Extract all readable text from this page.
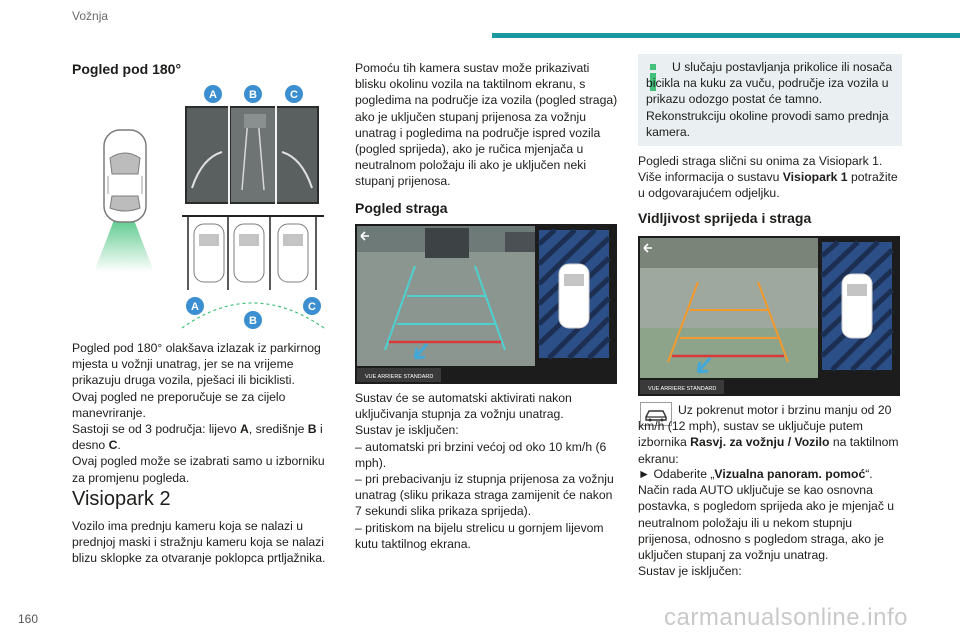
Vožnja
160	carmanualsonline.info
Pogled pod 180°
A	B	C
A
B
C

Pogled pod 180° olakšava izlazak iz parkirnog mjesta u vožnji unatrag, jer se na vrijeme prikazuju druga vozila, pješaci ili biciklisti.

Ovaj pogled ne preporučuje se za cijelo manevriranje.

Sastoji se od 3 područja: lijevo A, središnje B i desno C.

Ovaj pogled može se izabrati samo u izborniku za promjenu pogleda.

Visiopark 2

Vozilo ima prednju kameru koja se nalazi u prednjoj maski i stražnju kameru koja se nalazi blizu sklopke za otvaranje poklopca prtljažnika.

Pomoću tih kamera sustav može prikazivati blisku okolinu vozila na taktilnom ekranu, s pogledima na područje iza vozila (pogled straga) ako je uključen stupanj prijenosa za vožnju unatrag i pogledima na područje ispred vozila (pogled sprijeda), ako je ručica mjenjača u neutralnom položaju ili ako je uključen neki stupanj prijenosa.

Pogled straga
VUE ARRIERE STANDARD

Sustav će se automatski aktivirati nakon uključivanja stupnja za vožnju unatrag.

Sustav je isključen:

– automatski pri brzini većoj od oko 10 km/h (6 mph).

– pri prebacivanju iz stupnja prijenosa za vožnju unatrag (sliku prikaza straga zamijenit će nakon 7 sekundi slika prikaza sprijeda).

– pritiskom na bijelu strelicu u gornjem lijevom kutu taktilnog ekrana.

U slučaju postavljanja prikolice ili nosača bicikla na kuku za vuču, područje iza vozila u prikazu odozgo postat će tamno. Rekonstrukciju okoline provodi samo prednja kamera.

Pogledi straga slični su onima za Visiopark 1. Više informacija o sustavu Visiopark 1 potražite u odgovarajućem odjeljku.

Vidljivost sprijeda i straga
VUE ARRIERE STANDARD

Uz pokrenut motor i brzinu manju od 20 km/h (12 mph), sustav se uključuje putem izbornika Rasvj. za vožnju / Vozilo na taktilnom ekranu:

► Odaberite „Vizualna panoram. pomoć“.

Način rada AUTO uključuje se kao osnovna postavka, s pogledom sprijeda ako je mjenjač u neutralnom položaju ili u nekom stupnju prijenosa, odnosno s pogledom straga, ako je uključen stupanj za vožnju unatrag.

Sustav je isključen:
